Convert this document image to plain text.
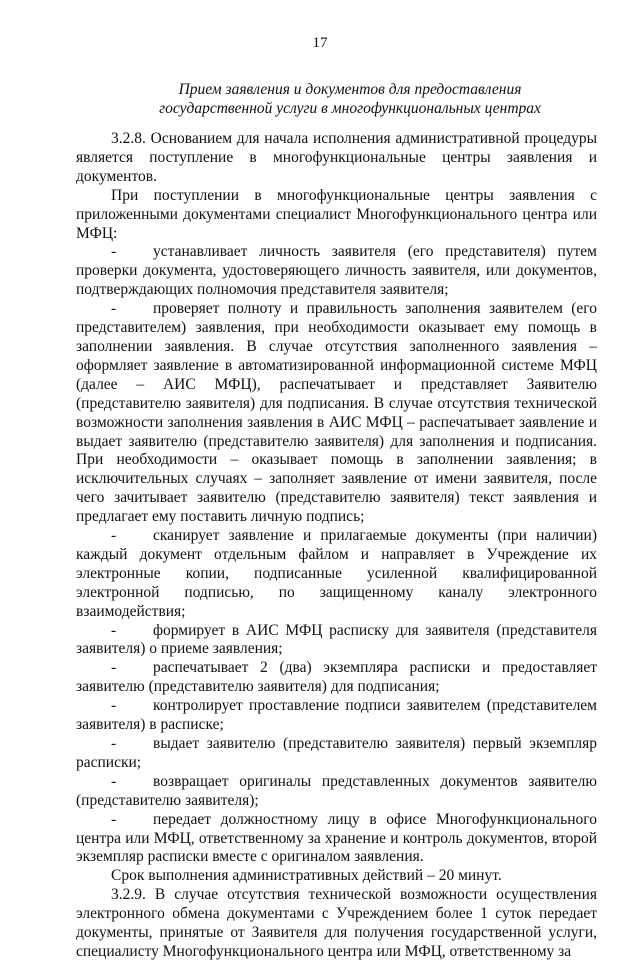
17
Прием заявления и документов для предоставления
государственной услуги в многофункциональных центрах

3.2.8. Основанием для начала исполнения административной процедуры является поступление в многофункциональные центры заявления и документов.

При поступлении в многофункциональные центры заявления с приложенными документами специалист Многофункционального центра или МФЦ:

- устанавливает личность заявителя (его представителя) путем проверки документа, удостоверяющего личность заявителя, или документов, подтверждающих полномочия представителя заявителя;

- проверяет полноту и правильность заполнения заявителем (его представителем) заявления, при необходимости оказывает ему помощь в заполнении заявления. В случае отсутствия заполненного заявления – оформляет заявление в автоматизированной информационной системе МФЦ (далее – АИС МФЦ), распечатывает и представляет Заявителю (представителю заявителя) для подписания. В случае отсутствия технической возможности заполнения заявления в АИС МФЦ – распечатывает заявление и выдает заявителю (представителю заявителя) для заполнения и подписания. При необходимости – оказывает помощь в заполнении заявления; в исключительных случаях – заполняет заявление от имени заявителя, после чего зачитывает заявителю (представителю заявителя) текст заявления и предлагает ему поставить личную подпись;

- сканирует заявление и прилагаемые документы (при наличии) каждый документ отдельным файлом и направляет в Учреждение их электронные копии, подписанные усиленной квалифицированной электронной подписью, по защищенному каналу электронного взаимодействия;

- формирует в АИС МФЦ расписку для заявителя (представителя заявителя) о приеме заявления;

- распечатывает 2 (два) экземпляра расписки и предоставляет заявителю (представителю заявителя) для подписания;

- контролирует проставление подписи заявителем (представителем заявителя) в расписке;

- выдает заявителю (представителю заявителя) первый экземпляр расписки;

- возвращает оригиналы представленных документов заявителю (представителю заявителя);

- передает должностному лицу в офисе Многофункционального центра или МФЦ, ответственному за хранение и контроль документов, второй экземпляр расписки вместе с оригиналом заявления.

Срок выполнения административных действий – 20 минут.

3.2.9. В случае отсутствия технической возможности осуществления электронного обмена документами с Учреждением более 1 суток передает документы, принятые от Заявителя для получения государственной услуги, специалисту Многофункционального центра или МФЦ, ответственному за
